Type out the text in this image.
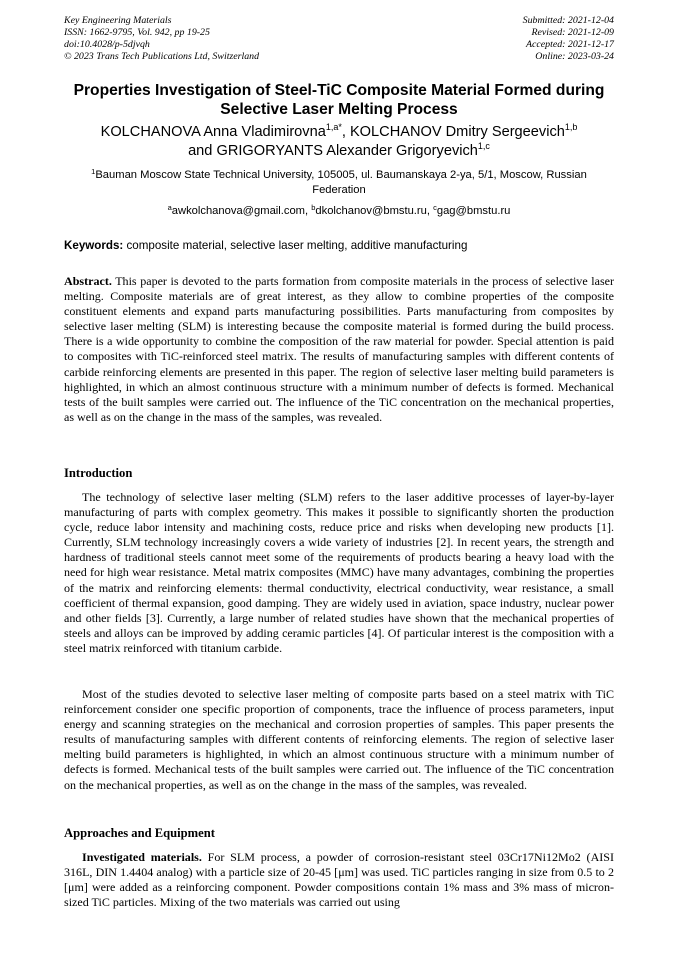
Key Engineering Materials
ISSN: 1662-9795, Vol. 942, pp 19-25
doi:10.4028/p-5djvqh
© 2023 Trans Tech Publications Ltd, Switzerland
Submitted: 2021-12-04
Revised: 2021-12-09
Accepted: 2021-12-17
Online: 2023-03-24
Properties Investigation of Steel-TiC Composite Material Formed during Selective Laser Melting Process
KOLCHANOVA Anna Vladimirovna$^{1,a*}$, KOLCHANOV Dmitry Sergeevich$^{1,b}$
and GRIGORYANTS Alexander Grigoryevich$^{1,c}$
$^1$Bauman Moscow State Technical University, 105005, ul. Baumanskaya 2-ya, 5/1, Moscow, Russian Federation
$^a$awkolchanova@gmail.com, $^b$dkolchanov@bmstu.ru, $^c$gag@bmstu.ru
Keywords: composite material, selective laser melting, additive manufacturing
Abstract. This paper is devoted to the parts formation from composite materials in the process of selective laser melting. Composite materials are of great interest, as they allow to combine properties of the composite constituent elements and expand parts manufacturing possibilities. Parts manufacturing from composites by selective laser melting (SLM) is interesting because the composite material is formed during the build process. There is a wide opportunity to combine the composition of the raw material for powder. Special attention is paid to composites with TiC-reinforced steel matrix. The results of manufacturing samples with different contents of carbide reinforcing elements are presented in this paper. The region of selective laser melting build parameters is highlighted, in which an almost continuous structure with a minimum number of defects is formed. Mechanical tests of the built samples were carried out. The influence of the TiC concentration on the mechanical properties, as well as on the change in the mass of the samples, was revealed.
Introduction
The technology of selective laser melting (SLM) refers to the laser additive processes of layer-by-layer manufacturing of parts with complex geometry. This makes it possible to significantly shorten the production cycle, reduce labor intensity and machining costs, reduce price and risks when developing new products [1]. Currently, SLM technology increasingly covers a wide variety of industries [2]. In recent years, the strength and hardness of traditional steels cannot meet some of the requirements of products bearing a heavy load with the need for high wear resistance. Metal matrix composites (MMC) have many advantages, combining the properties of the matrix and reinforcing elements: thermal conductivity, electrical conductivity, wear resistance, a small coefficient of thermal expansion, good damping. They are widely used in aviation, space industry, nuclear power and other fields [3]. Currently, a large number of related studies have shown that the mechanical properties of steels and alloys can be improved by adding ceramic particles [4]. Of particular interest is the composition with a steel matrix reinforced with titanium carbide.
Most of the studies devoted to selective laser melting of composite parts based on a steel matrix with TiC reinforcement consider one specific proportion of components, trace the influence of process parameters, input energy and scanning strategies on the mechanical and corrosion properties of samples. This paper presents the results of manufacturing samples with different contents of reinforcing elements. The region of selective laser melting build parameters is highlighted, in which an almost continuous structure with a minimum number of defects is formed. Mechanical tests of the built samples were carried out. The influence of the TiC concentration on the mechanical properties, as well as on the change in the mass of the samples, was revealed.
Approaches and Equipment
Investigated materials. For SLM process, a powder of corrosion-resistant steel 03Cr17Ni12Mo2 (AISI 316L, DIN 1.4404 analog) with a particle size of 20-45 [μm] was used. TiC particles ranging in size from 0.5 to 2 [μm] were added as a reinforcing component. Powder compositions contain 1% mass and 3% mass of micron-sized TiC particles. Mixing of the two materials was carried out using
